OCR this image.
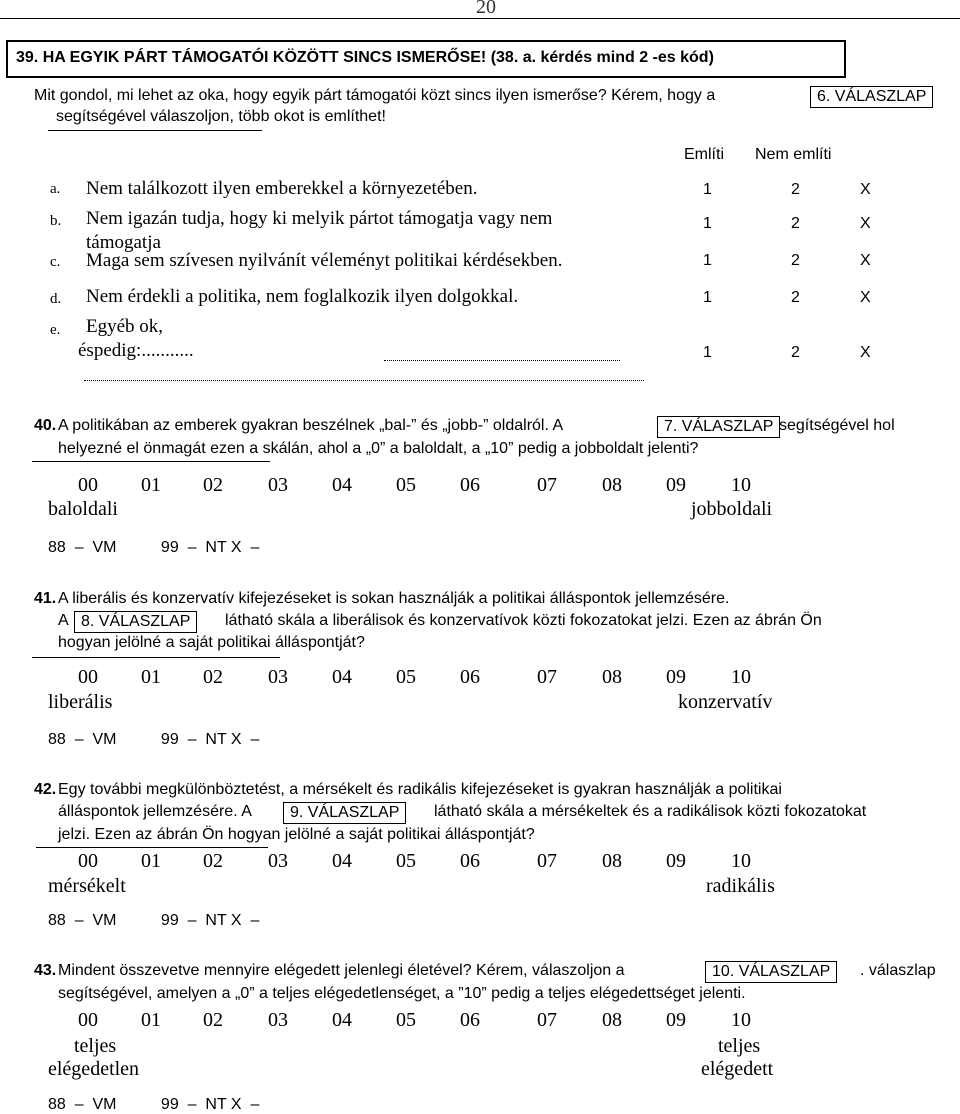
20
39. HA EGYIK PÁRT TÁMOGATÓI KÖZÖTT SINCS ISMERŐSE! (38. a. kérdés mind 2 -es kód)
Mit gondol, mi lehet az oka, hogy egyik párt támogatói közt sincs ilyen ismerőse? Kérem, hogy a	6. VÁLASZLAP
segítségével válaszoljon, több okot is említhet!
Említi Nem említi
a. Nem találkozott ilyen emberekkel a környezetében.	1	2	X
b. Nem igazán tudja, hogy ki melyik pártot támogatja vagy nem
támogatja
1	2	X
c. Maga sem szívesen nyilvánít véleményt politikai kérdésekben.	1	2	X
d. Nem érdekli a politika, nem foglalkozik ilyen dolgokkal.	1	2	X
e. Egyéb ok,
éspedig:...........	1	2	X
40. A politikában az emberek gyakran beszélnek „bal-” és „jobb-” oldalról. A	7. VÁLASZLAP segítségével hol
helyezné el önmagát ezen a skálán, ahol a „0” a baloldalt, a „10” pedig a jobboldalt jelenti?
00 01 02 03 04 05 06	07 08 09 10
baloldali	jobboldali
88  –  VM          99  –  NT X  –
41. A liberális és konzervatív kifejezéseket is sokan használják a politikai álláspontok jellemzésére.
A 8. VÁLASZLAP	látható skála a liberálisok és konzervatívok közti fokozatokat jelzi. Ezen az ábrán Ön
hogyan jelölné a saját politikai álláspontját?
00 01 02 03 04 05 06	07 08 09 10
liberális	konzervatív
88  –  VM          99  –  NT X  –
42. Egy további megkülönböztetést, a mérsékelt és radikális kifejezéseket is gyakran használják a politikai
álláspontok jellemzésére. A	9. VÁLASZLAP	látható skála a mérsékeltek és a radikálisok közti fokozatokat
jelzi. Ezen az ábrán Ön hogyan jelölné a saját politikai álláspontját?
00 01 02 03 04 05 06	07 08 09 10
mérsékelt	radikális
88  –  VM          99  –  NT X  –
43. Mindent összevetve mennyire elégedett jelenlegi életével? Kérem, válaszoljon a	10. VÁLASZLAP	. válaszlap
segítségével, amelyen a „0” a teljes elégedetlenséget, a ”10” pedig a teljes elégedettséget jelenti.
00 01 02 03 04 05 06	07 08 09 10
teljes
elégedetlen
teljes
elégedett
88  –  VM          99  –  NT X  –
